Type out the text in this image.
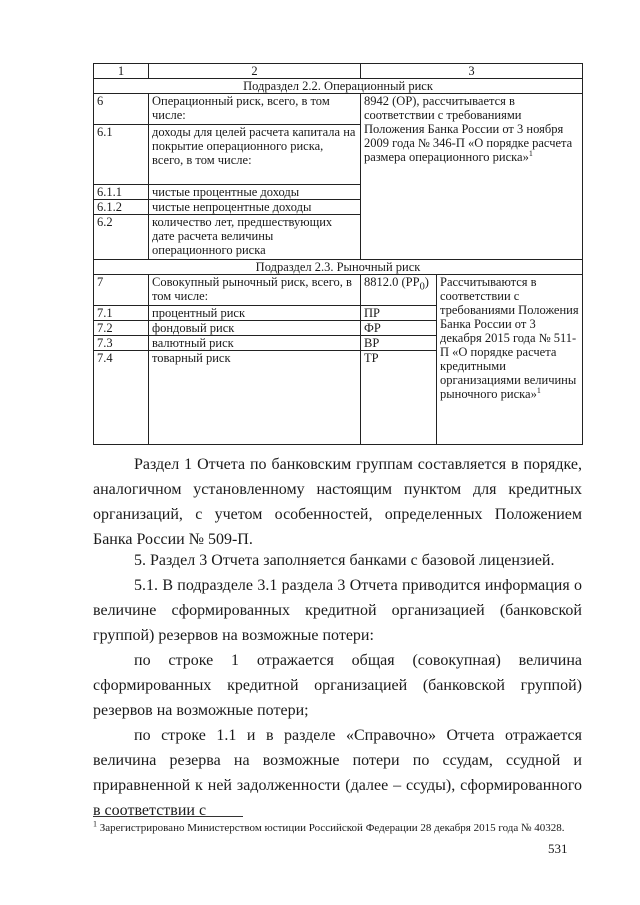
1	2	3	
Подраздел 2.2. Операционный риск			
6	Операционный риск, всего, в том числе:	8942 (ОР), рассчитывается в соответствии с требованиями Положения Банка России от 3 ноября 2009 года № 346-П «О порядке расчета размера операционного риска»$^1$
6.1	доходы для целей расчета капитала на покрытие операционного риска, всего, в том числе:		
6.1.1	чистые процентные доходы		
6.1.2	чистые непроцентные доходы		
6.2	количество лет, предшествующих дате расчета величины операционного риска		
Подраздел 2.3. Рыночный риск			
7	Совокупный рыночный риск, всего, в том числе:	8812.0 $(РР_0)$	Рассчитываются в соответствии с требованиями Положения Банка России от 3 декабря 2015 года № 511-П «О порядке расчета кредитными организациями величины рыночного риска»$^1$
7.1	процентный риск	ПР	
7.2	фондовый риск	ФР	
7.3	валютный риск	ВР	
7.4	товарный риск	ТР	

Раздел 1 Отчета по банковским группам составляется в порядке, аналогичном установленному настоящим пунктом для кредитных организаций, с учетом особенностей, определенных Положением Банка России № 509-П.

5. Раздел 3 Отчета заполняется банками с базовой лицензией.

5.1. В подразделе 3.1 раздела 3 Отчета приводится информация о величине сформированных кредитной организацией (банковской группой) резервов на возможные потери:

по строке 1 отражается общая (совокупная) величина сформированных кредитной организацией (банковской группой) резервов на возможные потери;

по строке 1.1 и в разделе «Справочно» Отчета отражается величина резерва на возможные потери по ссудам, ссудной и приравненной к ней задолженности (далее – ссуды), сформированного в соответствии с

$^1$ Зарегистрировано Министерством юстиции Российской Федерации 28 декабря 2015 года № 40328.
531
